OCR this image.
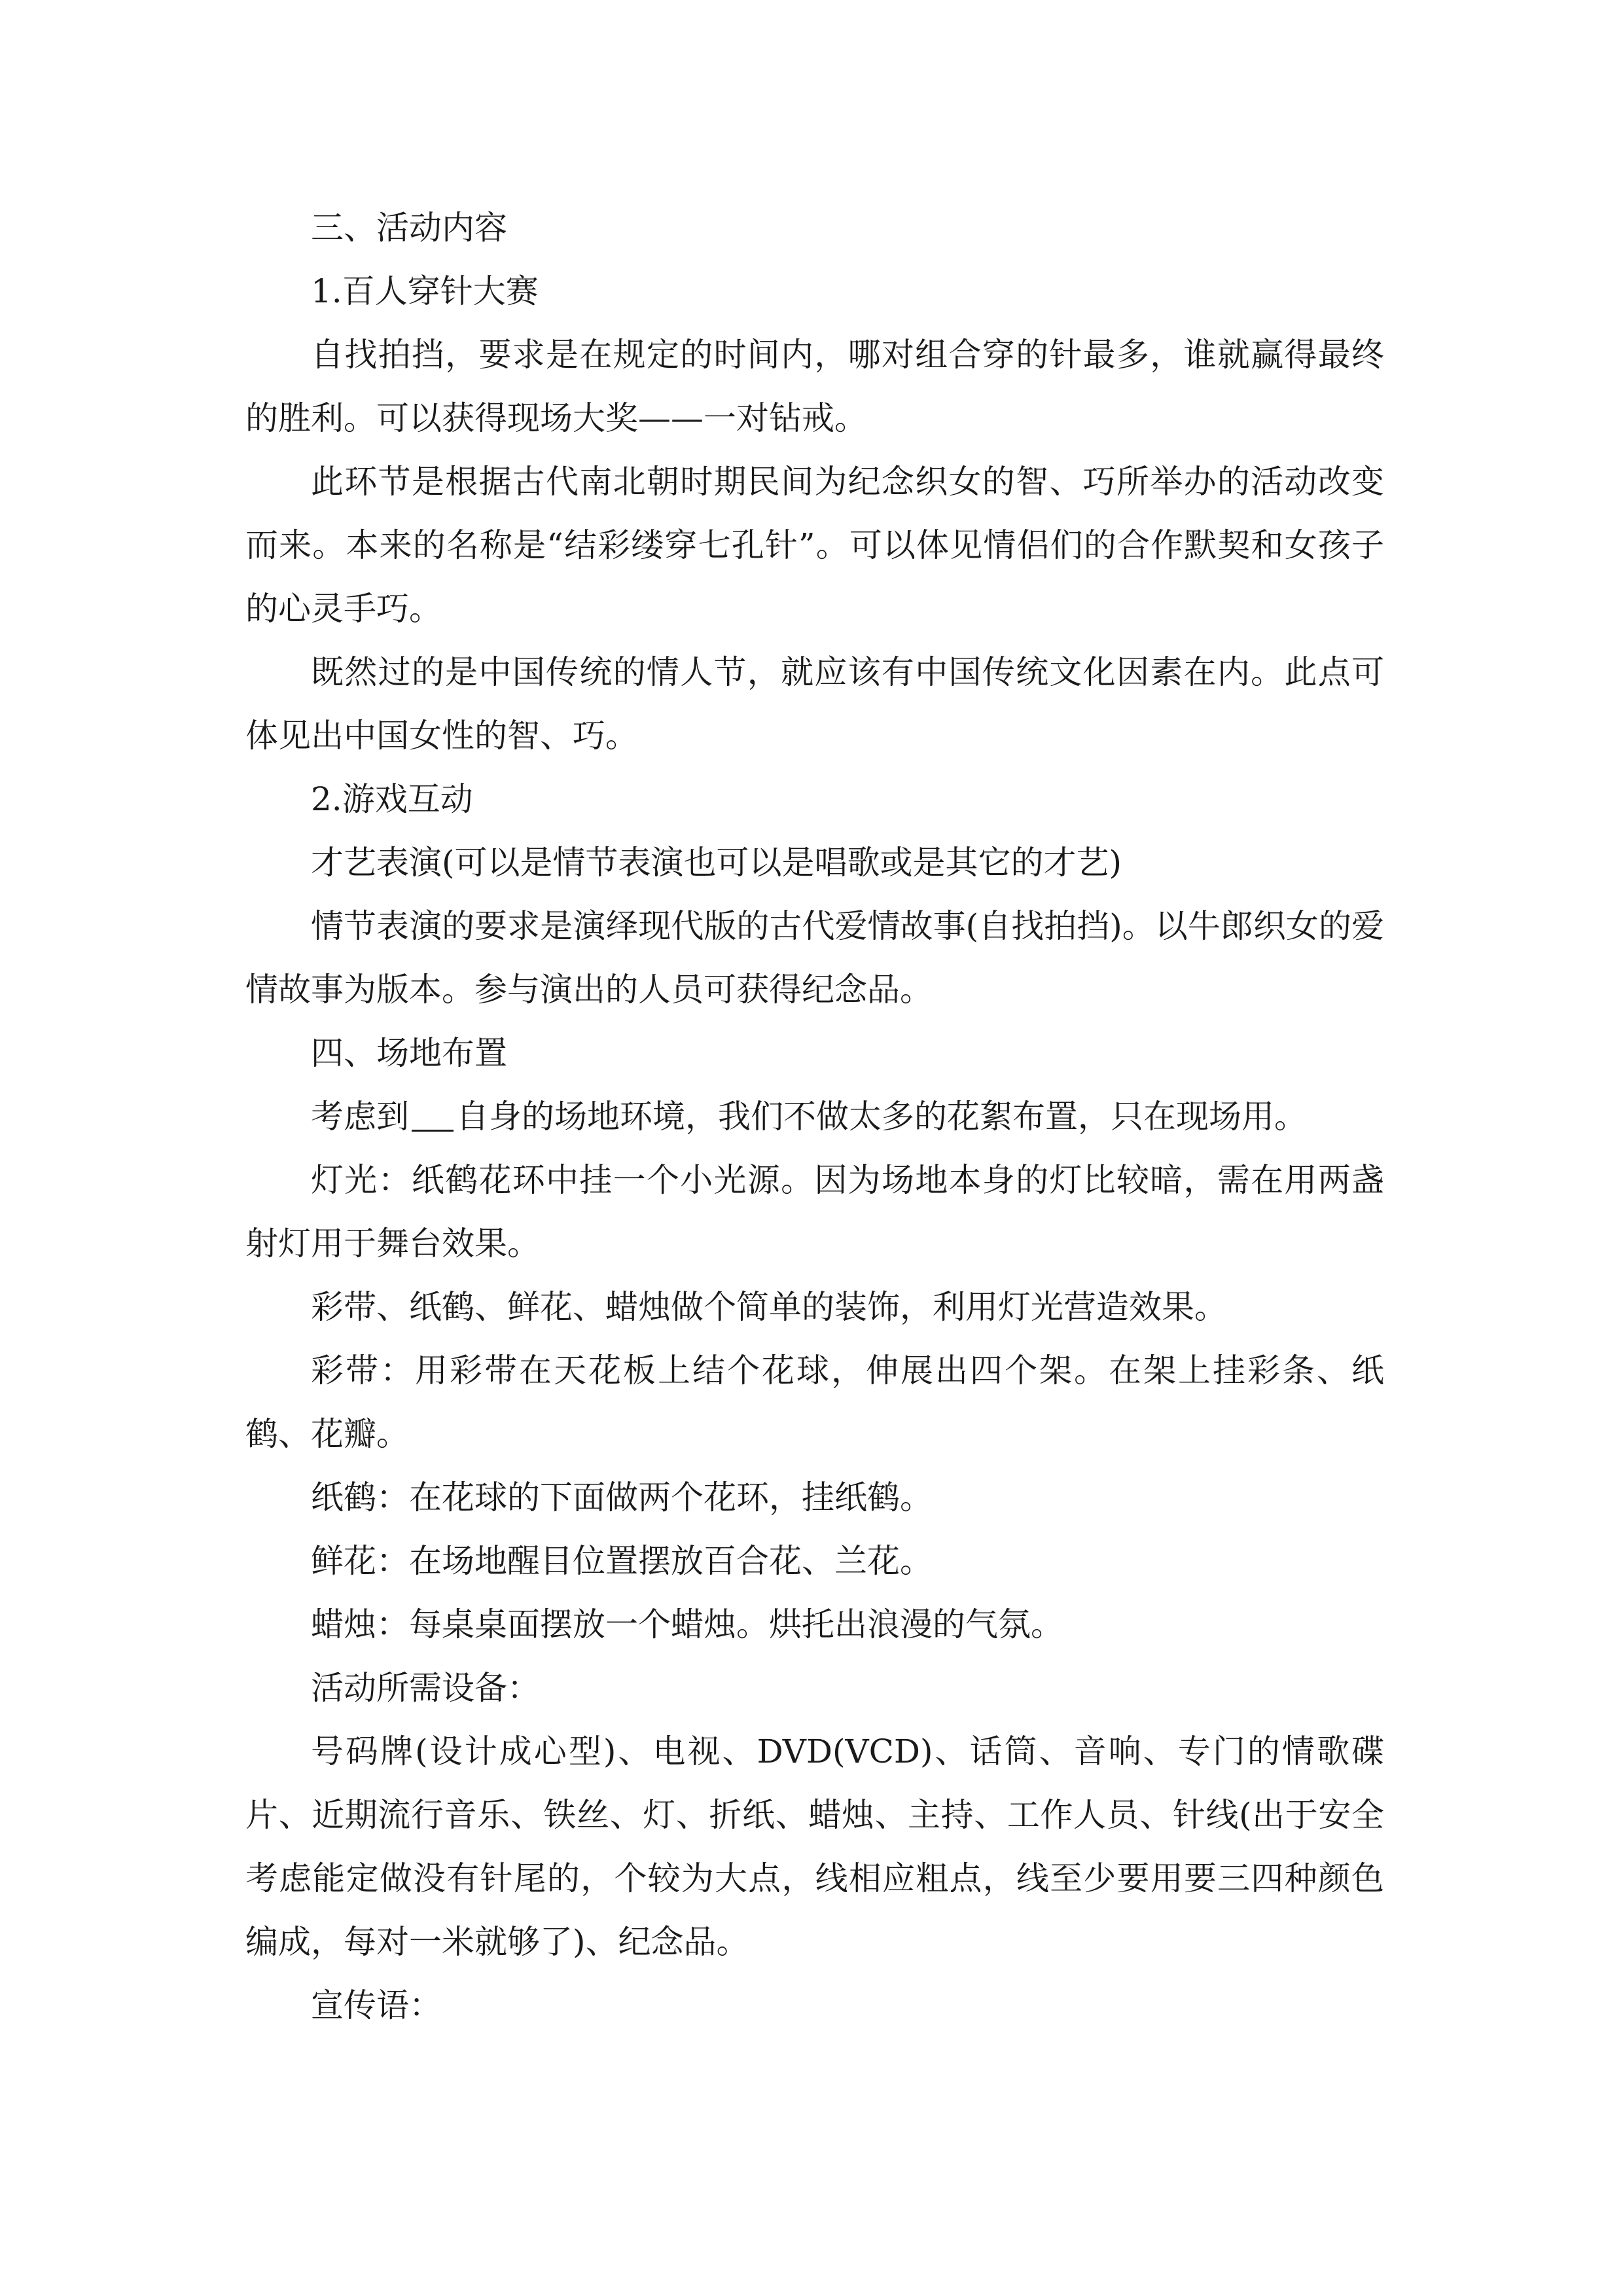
三、活动内容

1.百人穿针大赛

自找拍挡，要求是在规定的时间内，哪对组合穿的针最多，谁就赢得最终的胜利。可以获得现场大奖——一对钻戒。

此环节是根据古代南北朝时期民间为纪念织女的智、巧所举办的活动改变而来。本来的名称是“结彩缕穿七孔针”。可以体见情侣们的合作默契和女孩子的心灵手巧。

既然过的是中国传统的情人节，就应该有中国传统文化因素在内。此点可体见出中国女性的智、巧。

2.游戏互动

才艺表演(可以是情节表演也可以是唱歌或是其它的才艺)

情节表演的要求是演绎现代版的古代爱情故事(自找拍挡)。以牛郎织女的爱情故事为版本。参与演出的人员可获得纪念品。

四、场地布置

考虑到 自身的场地环境，我们不做太多的花絮布置，只在现场用。

灯光：纸鹤花环中挂一个小光源。因为场地本身的灯比较暗，需在用两盏射灯用于舞台效果。

彩带、纸鹤、鲜花、蜡烛做个简单的装饰，利用灯光营造效果。

彩带：用彩带在天花板上结个花球，伸展出四个架。在架上挂彩条、纸鹤、花瓣。

纸鹤：在花球的下面做两个花环，挂纸鹤。

鲜花：在场地醒目位置摆放百合花、兰花。

蜡烛：每桌桌面摆放一个蜡烛。烘托出浪漫的气氛。

活动所需设备：

号码牌(设计成心型)、电视、DVD(VCD)、话筒、音响、专门的情歌碟片、近期流行音乐、铁丝、灯、折纸、蜡烛、主持、工作人员、针线(出于安全考虑能定做没有针尾的，个较为大点，线相应粗点，线至少要用要三四种颜色编成，每对一米就够了)、纪念品。

宣传语：
